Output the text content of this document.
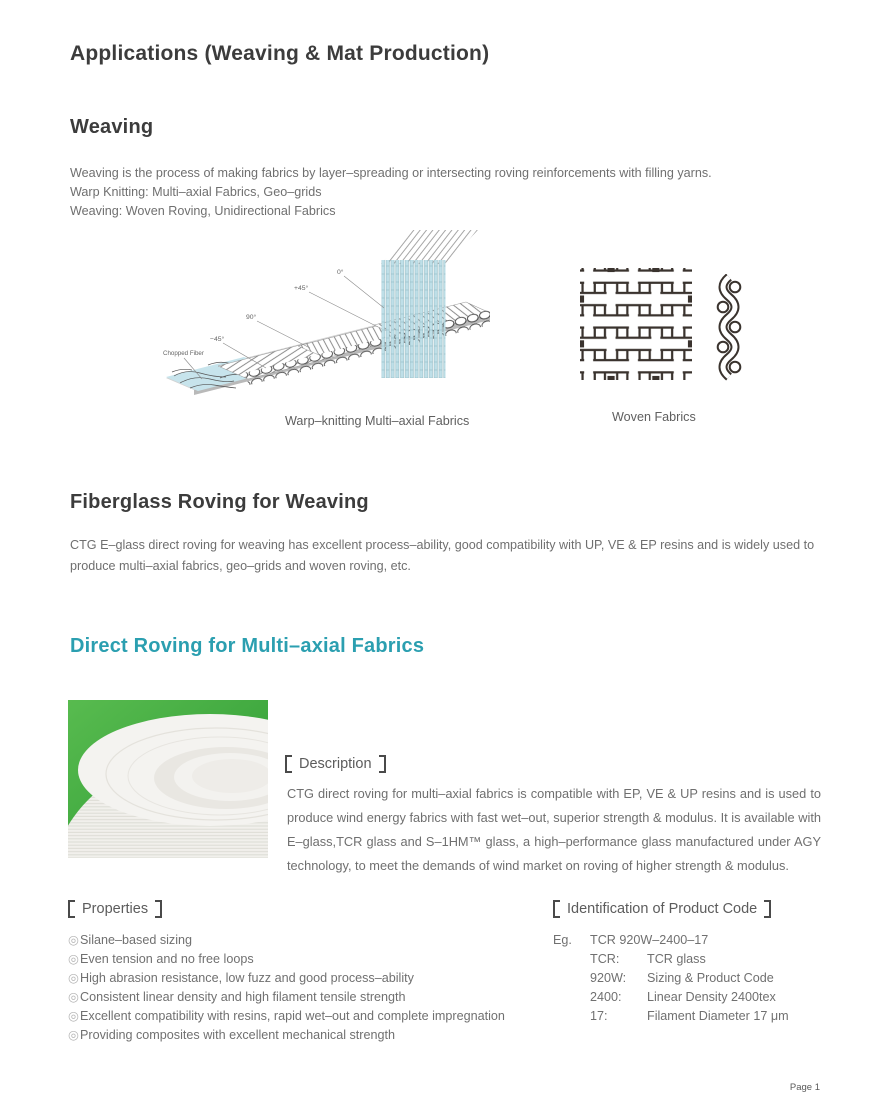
Applications (Weaving & Mat Production)
Weaving
Weaving is the process of making fabrics by layer–spreading or intersecting roving reinforcements with filling yarns.
Warp Knitting: Multi–axial Fabrics, Geo–grids
Weaving: Woven Roving, Unidirectional Fabrics
0°
+45°
90°
−45°
Chopped Fiber
Warp–knitting Multi–axial Fabrics	Woven Fabrics
Fiberglass Roving for Weaving
CTG E–glass direct roving for weaving has excellent process–ability, good compatibility with UP, VE & EP resins and is widely used to produce multi–axial fabrics, geo–grids and woven roving, etc.
Direct Roving for Multi–axial Fabrics
Description
CTG direct roving for multi–axial fabrics is compatible with EP, VE & UP resins and is used to produce wind energy fabrics with fast wet–out, superior strength & modulus. It is available with E–glass,TCR glass and S–1HM™ glass, a high–performance glass manufactured under AGY technology, to meet the demands of wind market on roving of higher strength & modulus.
Properties
◎ Silane–based sizing
◎ Even tension and no free loops
◎ High abrasion resistance, low fuzz and good process–ability
◎ Consistent linear density and high filament tensile strength
◎ Excellent compatibility with resins, rapid wet–out and complete impregnation
◎ Providing composites with excellent mechanical strength
Identification of Product Code
Eg.	TCR 920W–2400–17
TCR:	TCR glass
920W:	Sizing & Product Code
2400:	Linear Density 2400tex
17:	Filament Diameter 17 μm
Page 1
